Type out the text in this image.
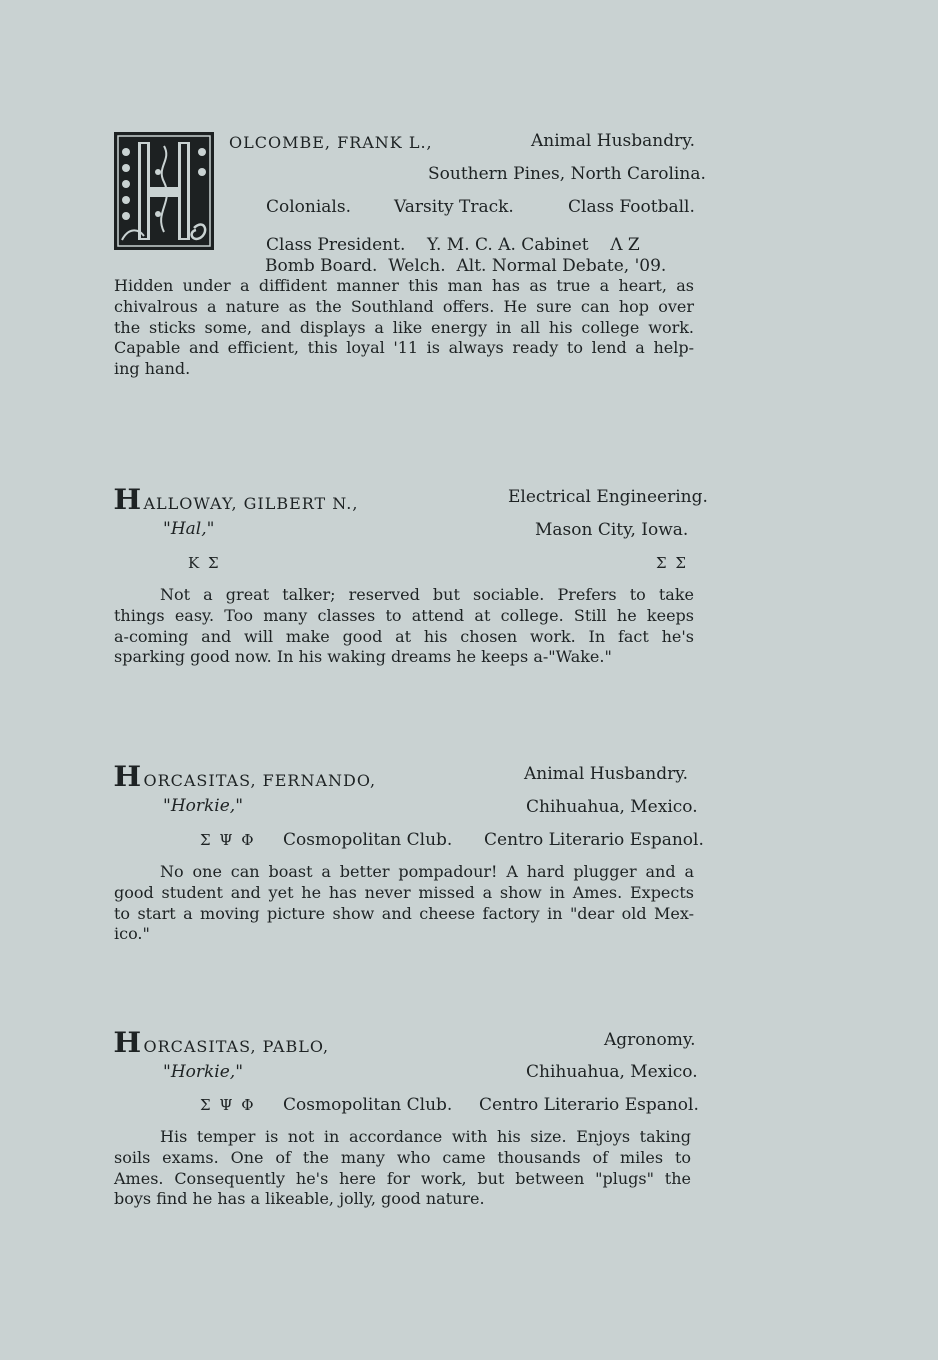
OLCOMBE, FRANK L.,	Animal Husbandry.
Southern Pines, North Carolina.
Colonials.	Varsity Track.	Class Football.
Class President.    Y. M. C. A. Cabinet    Λ Z
Bomb Board.  Welch.  Alt. Normal Debate, '09.
Hidden under a diffident manner this man has as true a heart, as
chivalrous a nature as the Southland offers. He sure can hop over
the sticks some, and displays a like energy in all his college work.
Capable and efficient, this loyal '11 is always ready to lend a help-
ing hand.
HALLOWAY, GILBERT N.,	Electrical Engineering.
"Hal,"	Mason City, Iowa.
K Σ	Σ Σ
Not a great talker; reserved but sociable. Prefers to take
things easy. Too many classes to attend at college. Still he keeps
a-coming and will make good at his chosen work. In fact he's
sparking good now. In his waking dreams he keeps a-"Wake."
HORCASITAS, FERNANDO,	Animal Husbandry.
"Horkie,"	Chihuahua, Mexico.
Σ Ψ Φ Cosmopolitan Club. Centro Literario Espanol.
No one can boast a better pompadour! A hard plugger and a
good student and yet he has never missed a show in Ames. Expects
to start a moving picture show and cheese factory in "dear old Mex-
ico."
HORCASITAS, PABLO,	Agronomy.
"Horkie,"	Chihuahua, Mexico.
Σ Ψ Φ Cosmopolitan Club. Centro Literario Espanol.
His temper is not in accordance with his size. Enjoys taking
soils exams. One of the many who came thousands of miles to
Ames. Consequently he's here for work, but between "plugs" the
boys find he has a likeable, jolly, good nature.
